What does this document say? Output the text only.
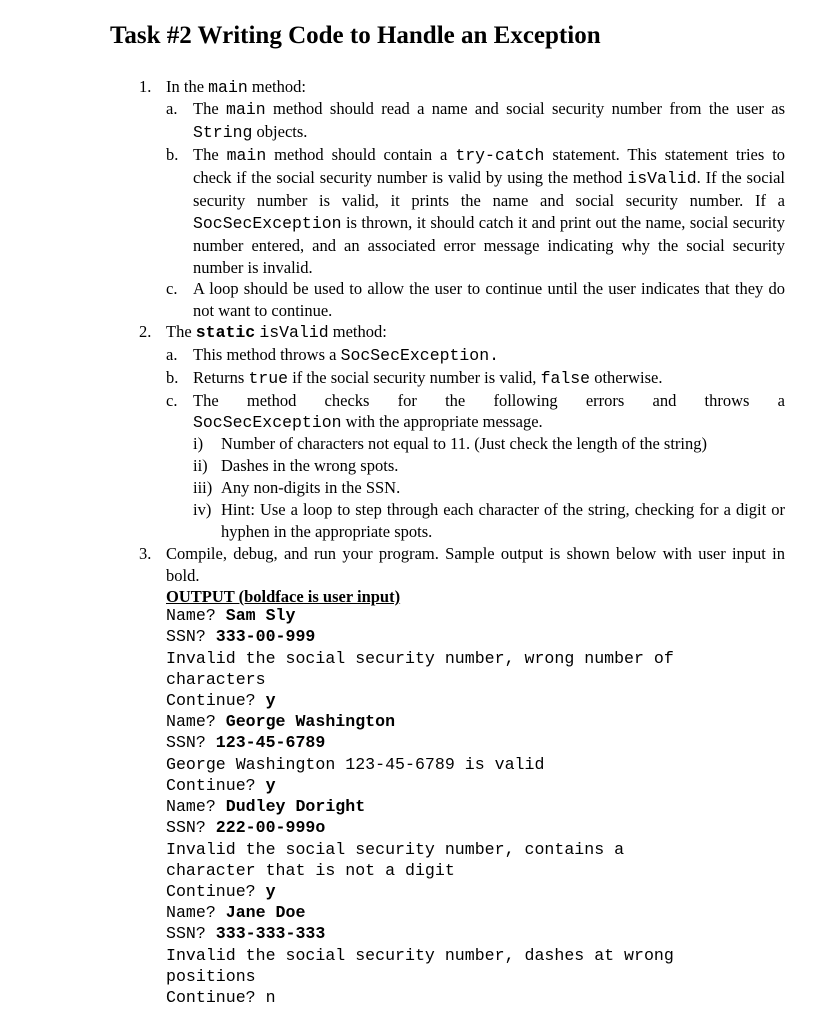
Task #2 Writing Code to Handle an Exception
1. In the main method:
a. The main method should read a name and social security number from the user as String objects.
b. The main method should contain a try-catch statement. This statement tries to check if the social security number is valid by using the method isValid. If the social security number is valid, it prints the name and social security number. If a SocSecException is thrown, it should catch it and print out the name, social security number entered, and an associated error message indicating why the social security number is invalid.
c. A loop should be used to allow the user to continue until the user indicates that they do not want to continue.
2. The static isValid method:
a. This method throws a SocSecException.
b. Returns true if the social security number is valid, false otherwise.
c. The method checks for the following errors and throws a
SocSecException with the appropriate message.
i) Number of characters not equal to 11. (Just check the length of the string)
ii) Dashes in the wrong spots.
iii) Any non-digits in the SSN.
iv) Hint: Use a loop to step through each character of the string, checking for a digit or hyphen in the appropriate spots.
3. Compile, debug, and run your program. Sample output is shown below with user input in bold.
OUTPUT (boldface is user input)
Name? Sam Sly
SSN? 333-00-999
Invalid the social security number, wrong number of
characters
Continue? y
Name? George Washington
SSN? 123-45-6789
George Washington 123-45-6789 is valid
Continue? y
Name? Dudley Doright
SSN? 222-00-999o
Invalid the social security number, contains a
character that is not a digit
Continue? y
Name? Jane Doe
SSN? 333-333-333
Invalid the social security number, dashes at wrong
positions
Continue? n
